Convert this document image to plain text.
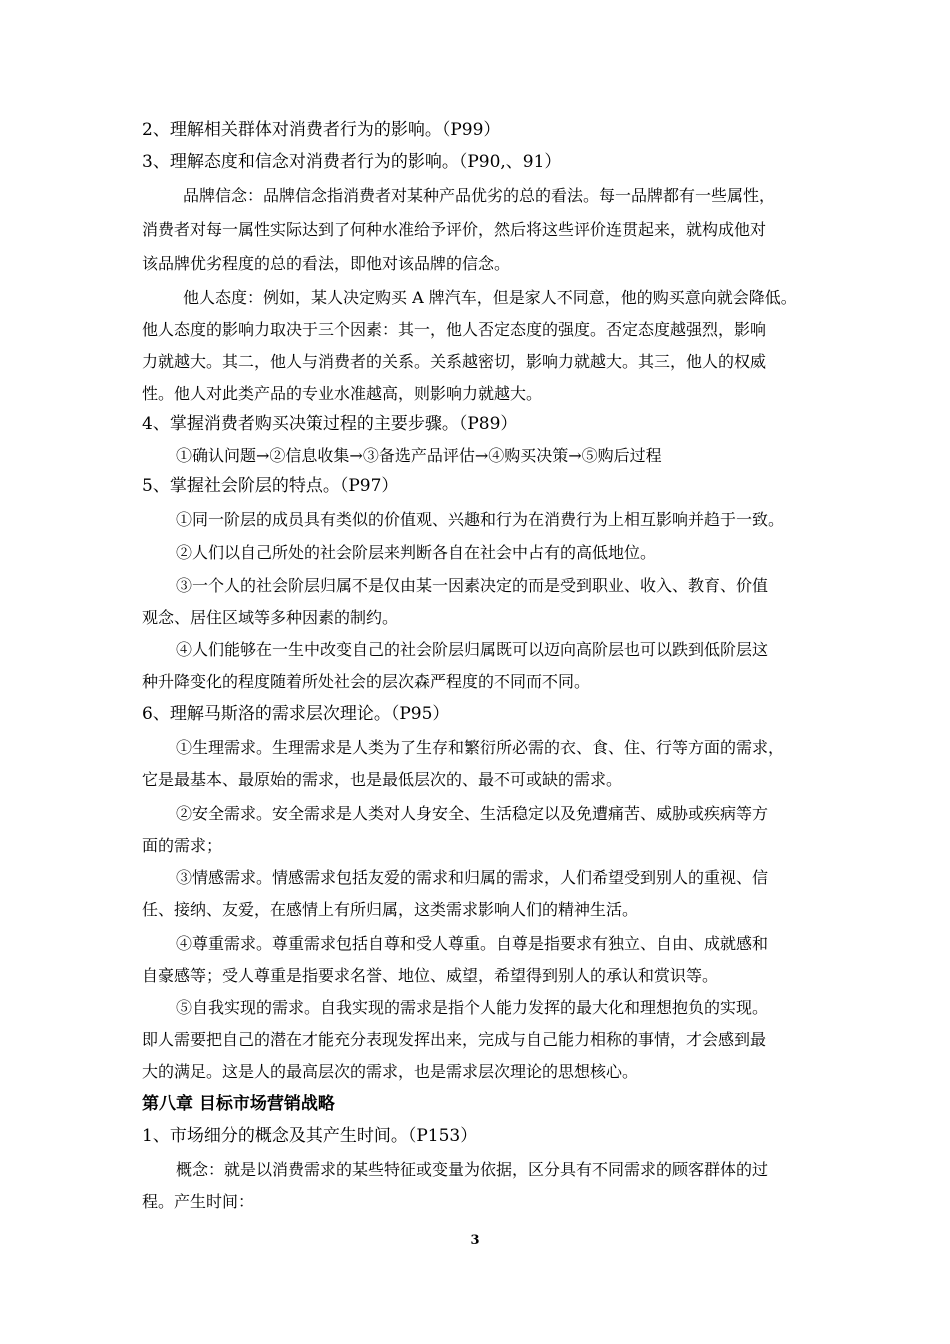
2、理解相关群体对消费者行为的影响。（P99）
3、理解态度和信念对消费者行为的影响。（P90,、91）
品牌信念：品牌信念指消费者对某种产品优劣的总的看法。每一品牌都有一些属性，
消费者对每一属性实际达到了何种水准给予评价，然后将这些评价连贯起来，就构成他对
该品牌优劣程度的总的看法，即他对该品牌的信念。
他人态度：例如，某人决定购买 A 牌汽车，但是家人不同意，他的购买意向就会降低。
他人态度的影响力取决于三个因素：其一，他人否定态度的强度。否定态度越强烈，影响
力就越大。其二，他人与消费者的关系。关系越密切，影响力就越大。其三，他人的权威
性。他人对此类产品的专业水准越高，则影响力就越大。
4、掌握消费者购买决策过程的主要步骤。（P89）
①确认问题→②信息收集→③备选产品评估→④购买决策→⑤购后过程
5、掌握社会阶层的特点。（P97）
①同一阶层的成员具有类似的价值观、兴趣和行为在消费行为上相互影响并趋于一致。
②人们以自己所处的社会阶层来判断各自在社会中占有的高低地位。
③一个人的社会阶层归属不是仅由某一因素决定的而是受到职业、收入、教育、价值
观念、居住区域等多种因素的制约。
④人们能够在一生中改变自己的社会阶层归属既可以迈向高阶层也可以跌到低阶层这
种升降变化的程度随着所处社会的层次森严程度的不同而不同。
6、理解马斯洛的需求层次理论。（P95）
①生理需求。生理需求是人类为了生存和繁衍所必需的衣、食、住、行等方面的需求，
它是最基本、最原始的需求，也是最低层次的、最不可或缺的需求。
②安全需求。安全需求是人类对人身安全、生活稳定以及免遭痛苦、威胁或疾病等方
面的需求；
③情感需求。情感需求包括友爱的需求和归属的需求，人们希望受到别人的重视、信
任、接纳、友爱，在感情上有所归属，这类需求影响人们的精神生活。
④尊重需求。尊重需求包括自尊和受人尊重。自尊是指要求有独立、自由、成就感和
自豪感等；受人尊重是指要求名誉、地位、威望，希望得到别人的承认和赏识等。
⑤自我实现的需求。自我实现的需求是指个人能力发挥的最大化和理想抱负的实现。
即人需要把自己的潜在才能充分表现发挥出来，完成与自己能力相称的事情，才会感到最
大的满足。这是人的最高层次的需求，也是需求层次理论的思想核心。
第八章 目标市场营销战略
1、市场细分的概念及其产生时间。（P153）
概念：就是以消费需求的某些特征或变量为依据，区分具有不同需求的顾客群体的过
程。产生时间：
3
